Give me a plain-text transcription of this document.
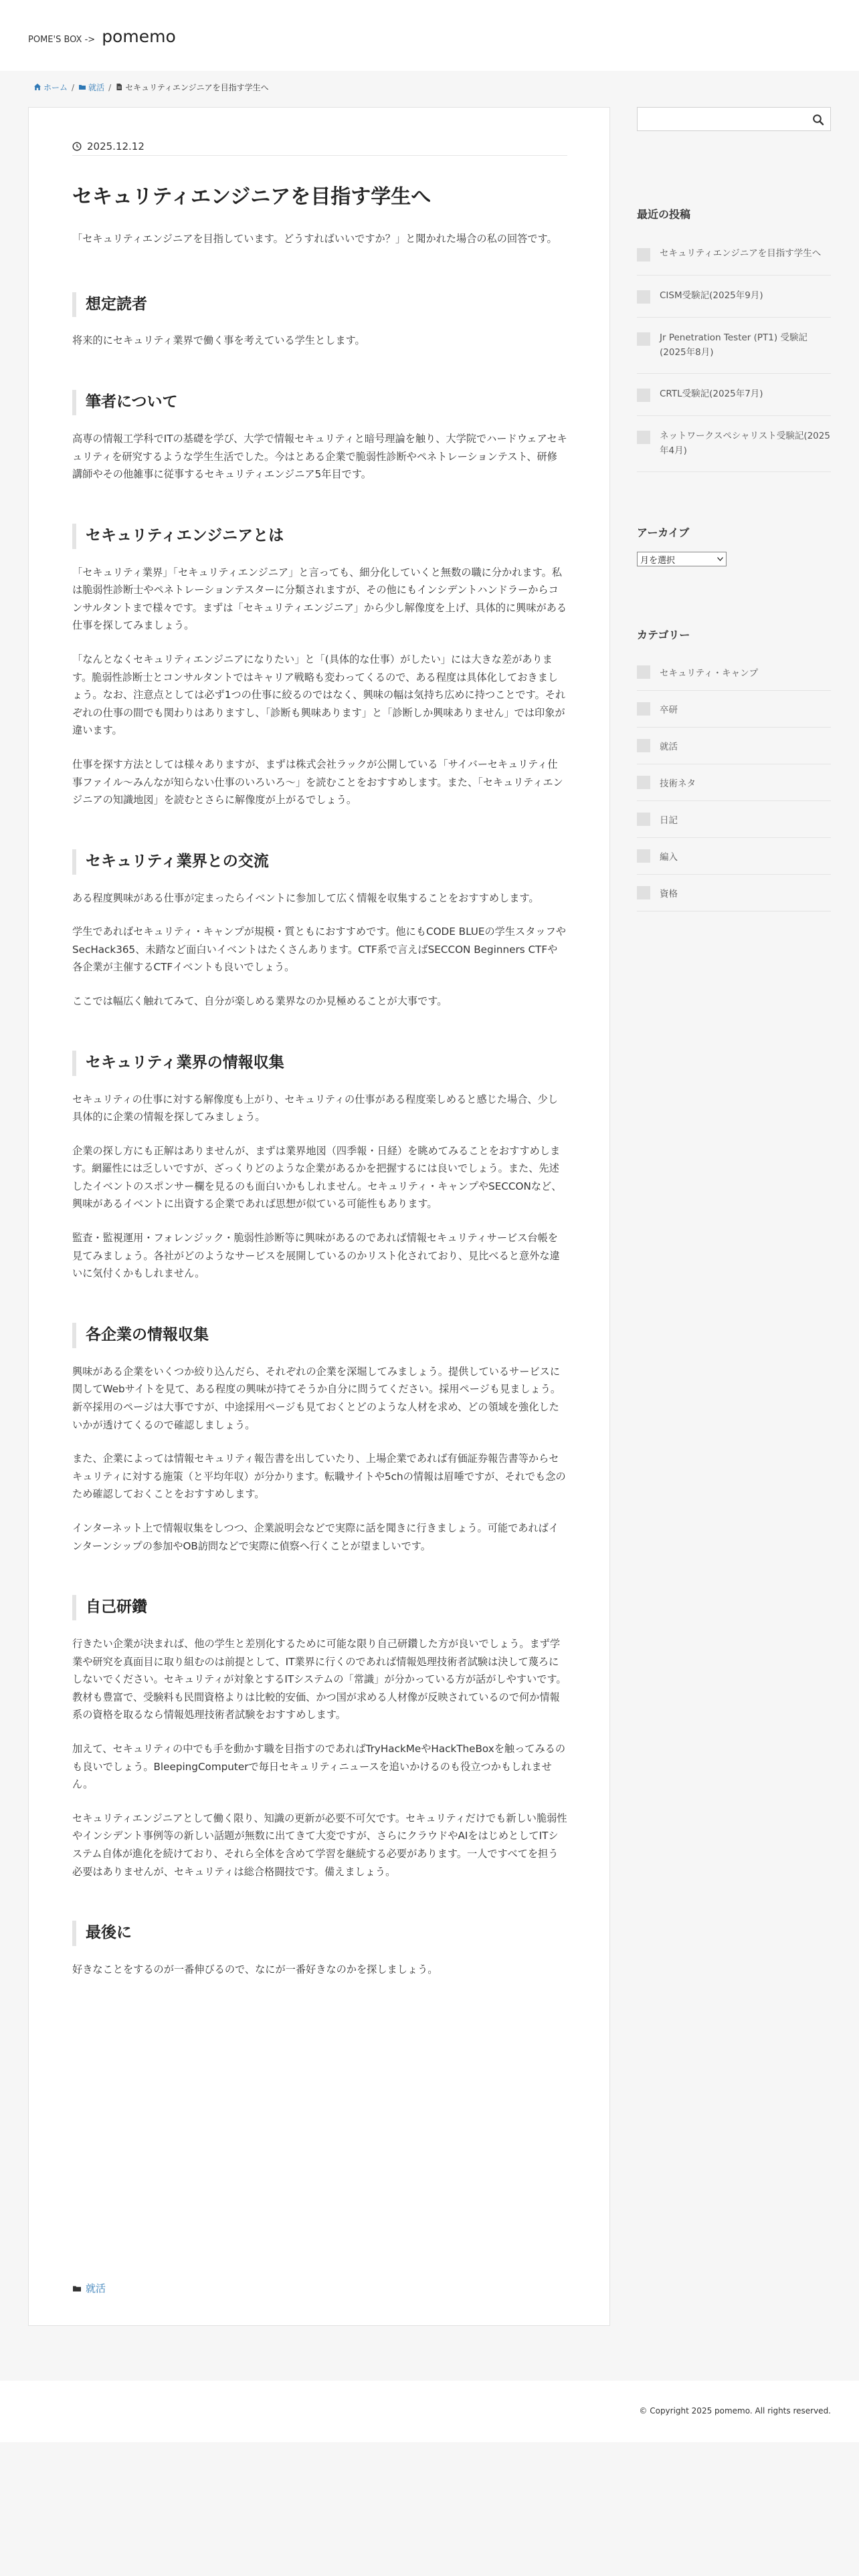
POME'S BOX -> pomemo
ホーム /	就活 /	セキュリティエンジニアを目指す学生へ
2025.12.12
セキュリティエンジニアを目指す学生へ

「セキュリティエンジニアを目指しています。どうすればいいですか？」と聞かれた場合の私の回答です。

想定読者

将来的にセキュリティ業界で働く事を考えている学生とします。

筆者について

高専の情報工学科でITの基礎を学び、大学で情報セキュリティと暗号理論を触り、大学院でハードウェアセキュリティを研究するような学生生活でした。今はとある企業で脆弱性診断やペネトレーションテスト、研修講師やその他雑事に従事するセキュリティエンジニア5年目です。

セキュリティエンジニアとは

「セキュリティ業界」「セキュリティエンジニア」と言っても、細分化していくと無数の職に分かれます。私は脆弱性診断士やペネトレーションテスターに分類されますが、その他にもインシデントハンドラーからコンサルタントまで様々です。まずは「セキュリティエンジニア」から少し解像度を上げ、具体的に興味がある仕事を探してみましょう。

「なんとなくセキュリティエンジニアになりたい」と「(具体的な仕事）がしたい」には大きな差があります。脆弱性診断士とコンサルタントではキャリア戦略も変わってくるので、ある程度は具体化しておきましょう。なお、注意点としては必ず1つの仕事に絞るのではなく、興味の幅は気持ち広めに持つことです。それぞれの仕事の間でも関わりはありますし、「診断も興味あります」と「診断しか興味ありません」では印象が違います。

仕事を探す方法としては様々ありますが、まずは株式会社ラックが公開している「サイバーセキュリティ仕事ファイル～みんなが知らない仕事のいろいろ～」を読むことをおすすめします。また、「セキュリティエンジニアの知識地図」を読むとさらに解像度が上がるでしょう。

セキュリティ業界との交流

ある程度興味がある仕事が定まったらイベントに参加して広く情報を収集することをおすすめします。

学生であればセキュリティ・キャンプが規模・質ともにおすすめです。他にもCODE BLUEの学生スタッフやSecHack365、未踏など面白いイベントはたくさんあります。CTF系で言えばSECCON Beginners CTFや各企業が主催するCTFイベントも良いでしょう。

ここでは幅広く触れてみて、自分が楽しめる業界なのか見極めることが大事です。

セキュリティ業界の情報収集

セキュリティの仕事に対する解像度も上がり、セキュリティの仕事がある程度楽しめると感じた場合、少し具体的に企業の情報を探してみましょう。

企業の探し方にも正解はありませんが、まずは業界地図（四季報・日経）を眺めてみることをおすすめします。網羅性には乏しいですが、ざっくりどのような企業があるかを把握するには良いでしょう。また、先述したイベントのスポンサー欄を見るのも面白いかもしれません。セキュリティ・キャンプやSECCONなど、興味があるイベントに出資する企業であれば思想が似ている可能性もあります。

監査・監視運用・フォレンジック・脆弱性診断等に興味があるのであれば情報セキュリティサービス台帳を見てみましょう。各社がどのようなサービスを展開しているのかリスト化されており、見比べると意外な違いに気付くかもしれません。

各企業の情報収集

興味がある企業をいくつか絞り込んだら、それぞれの企業を深堀してみましょう。提供しているサービスに関してWebサイトを見て、ある程度の興味が持てそうか自分に問うてください。採用ページも見ましょう。新卒採用のページは大事ですが、中途採用ページも見ておくとどのような人材を求め、どの領域を強化したいかが透けてくるので確認しましょう。

また、企業によっては情報セキュリティ報告書を出していたり、上場企業であれば有価証券報告書等からセキュリティに対する施策（と平均年収）が分かります。転職サイトや5chの情報は眉唾ですが、それでも念のため確認しておくことをおすすめします。

インターネット上で情報収集をしつつ、企業説明会などで実際に話を聞きに行きましょう。可能であればインターンシップの参加やOB訪問などで実際に偵察へ行くことが望ましいです。

自己研鑽

行きたい企業が決まれば、他の学生と差別化するために可能な限り自己研鑽した方が良いでしょう。まず学業や研究を真面目に取り組むのは前提として、IT業界に行くのであれば情報処理技術者試験は決して蔑ろにしないでください。セキュリティが対象とするITシステムの「常識」が分かっている方が話がしやすいです。教材も豊富で、受験料も民間資格よりは比較的安価、かつ国が求める人材像が反映されているので何か情報系の資格を取るなら情報処理技術者試験をおすすめします。

加えて、セキュリティの中でも手を動かす職を目指すのであればTryHackMeやHackTheBoxを触ってみるのも良いでしょう。BleepingComputerで毎日セキュリティニュースを追いかけるのも役立つかもしれません。

セキュリティエンジニアとして働く限り、知識の更新が必要不可欠です。セキュリティだけでも新しい脆弱性やインシデント事例等の新しい話題が無数に出てきて大変ですが、さらにクラウドやAIをはじめとしてITシステム自体が進化を続けており、それら全体を含めて学習を継続する必要があります。一人ですべてを担う必要はありませんが、セキュリティは総合格闘技です。備えましょう。

最後に

好きなことをするのが一番伸びるので、なにが一番好きなのかを探しましょう。

就活
最近の投稿
セキュリティエンジニアを目指す学生へ
CISM受験記(2025年9月)
Jr Penetration Tester (PT1) 受験記(2025年8月)
CRTL受験記(2025年7月)
ネットワークスペシャリスト受験記(2025年4月)
アーカイブ
月を選択
カテゴリー
セキュリティ・キャンプ
卒研
就活
技術ネタ
日記
編入
資格
© Copyright 2025 pomemo. All rights reserved.
